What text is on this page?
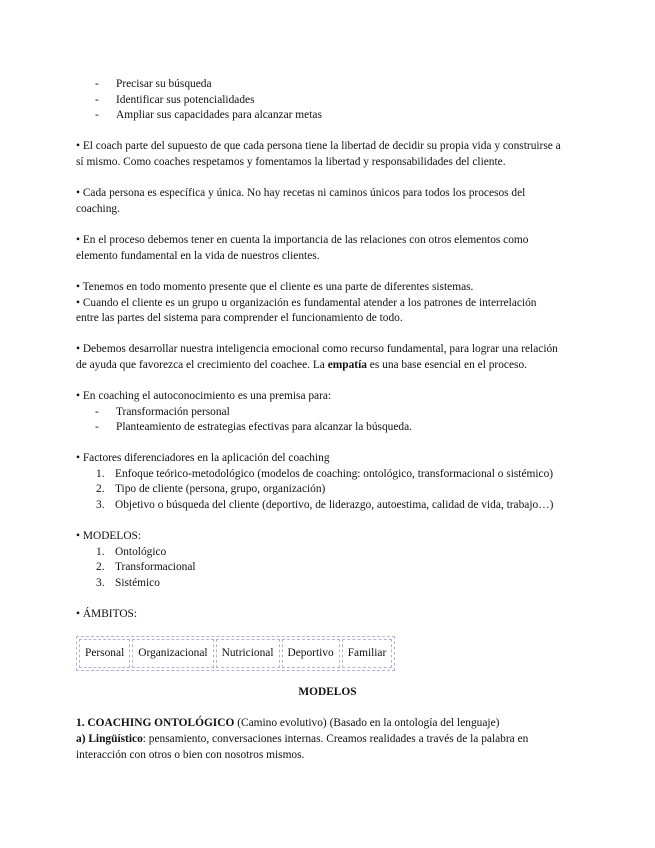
- Precisar su búsqueda
- Identificar sus potencialidades
- Ampliar sus capacidades para alcanzar metas
• El coach parte del supuesto de que cada persona tiene la libertad de decidir su propia vida y construirse a
sí mismo. Como coaches respetamos y fomentamos la libertad y responsabilidades del cliente.
• Cada persona es específica y única. No hay recetas ni caminos únicos para todos los procesos del
coaching.
• En el proceso debemos tener en cuenta la importancia de las relaciones con otros elementos como
elemento fundamental en la vida de nuestros clientes.
• Tenemos en todo momento presente que el cliente es una parte de diferentes sistemas.
• Cuando el cliente es un grupo u organización es fundamental atender a los patrones de interrelación
entre las partes del sistema para comprender el funcionamiento de todo.
• Debemos desarrollar nuestra inteligencia emocional como recurso fundamental, para lograr una relación
de ayuda que favorezca el crecimiento del coachee. La empatía es una base esencial en el proceso.
• En coaching el autoconocimiento es una premisa para:
- Transformación personal
- Planteamiento de estrategias efectivas para alcanzar la búsqueda.
• Factores diferenciadores en la aplicación del coaching
1. Enfoque teórico-metodológico (modelos de coaching: ontológico, transformacional o sistémico)
2. Tipo de cliente (persona, grupo, organización)
3. Objetivo o búsqueda del cliente (deportivo, de liderazgo, autoestima, calidad de vida, trabajo…)
• MODELOS:
1. Ontológico
2. Transformacional
3. Sistémico
• ÁMBITOS:
Personal	Organizacional	Nutricional	Deportivo	Familiar
MODELOS
1. COACHING ONTOLÓGICO (Camino evolutivo) (Basado en la ontología del lenguaje)
a) Lingüístico: pensamiento, conversaciones internas. Creamos realidades a través de la palabra en
interacción con otros o bien con nosotros mismos.
